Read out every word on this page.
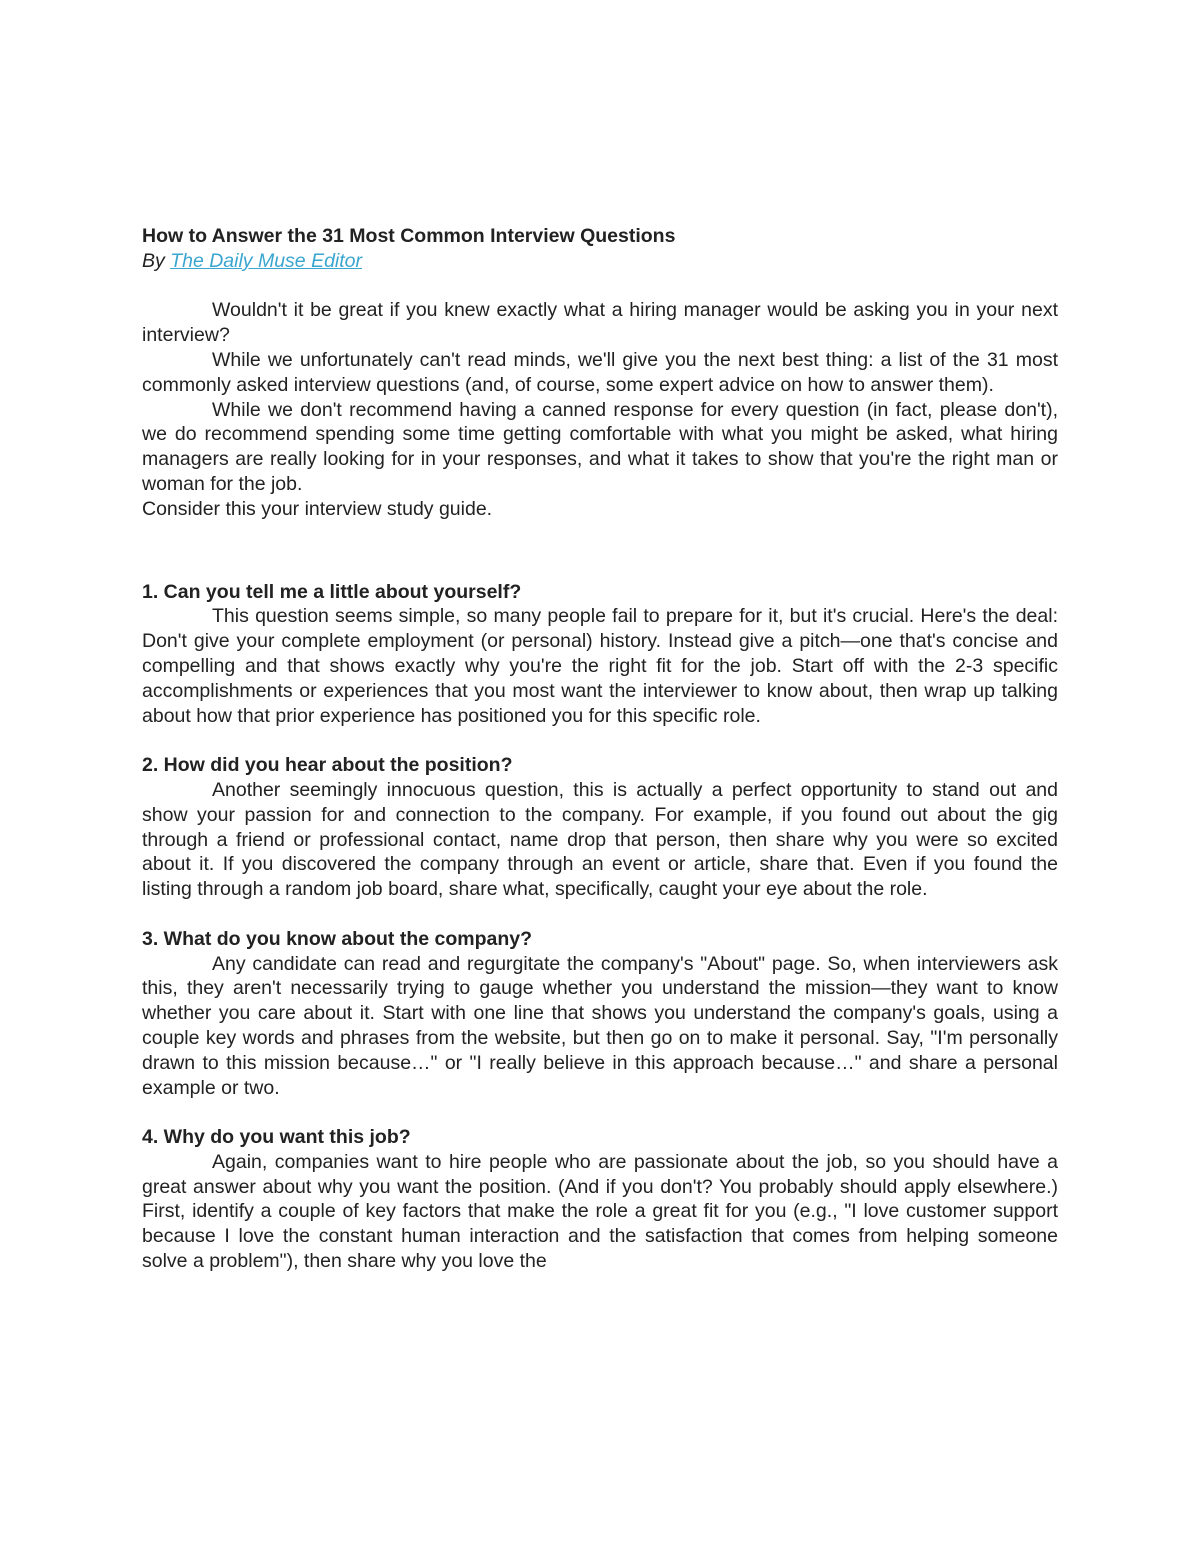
How to Answer the 31 Most Common Interview Questions

By The Daily Muse Editor

Wouldn't it be great if you knew exactly what a hiring manager would be asking you in your next interview?

While we unfortunately can't read minds, we'll give you the next best thing: a list of the 31 most commonly asked interview questions (and, of course, some expert advice on how to answer them).

While we don't recommend having a canned response for every question (in fact, please don't), we do recommend spending some time getting comfortable with what you might be asked, what hiring managers are really looking for in your responses, and what it takes to show that you're the right man or woman for the job.

Consider this your interview study guide.

1. Can you tell me a little about yourself?

This question seems simple, so many people fail to prepare for it, but it's crucial. Here's the deal: Don't give your complete employment (or personal) history. Instead give a pitch—one that's concise and compelling and that shows exactly why you're the right fit for the job. Start off with the 2-3 specific accomplishments or experiences that you most want the interviewer to know about, then wrap up talking about how that prior experience has positioned you for this specific role.

2. How did you hear about the position?

Another seemingly innocuous question, this is actually a perfect opportunity to stand out and show your passion for and connection to the company. For example, if you found out about the gig through a friend or professional contact, name drop that person, then share why you were so excited about it. If you discovered the company through an event or article, share that. Even if you found the listing through a random job board, share what, specifically, caught your eye about the role.

3. What do you know about the company?

Any candidate can read and regurgitate the company's "About" page. So, when interviewers ask this, they aren't necessarily trying to gauge whether you understand the mission—they want to know whether you care about it. Start with one line that shows you understand the company's goals, using a couple key words and phrases from the website, but then go on to make it personal. Say, "I'm personally drawn to this mission because…" or "I really believe in this approach because…" and share a personal example or two.

4. Why do you want this job?

Again, companies want to hire people who are passionate about the job, so you should have a great answer about why you want the position. (And if you don't? You probably should apply elsewhere.) First, identify a couple of key factors that make the role a great fit for you (e.g., "I love customer support because I love the constant human interaction and the satisfaction that comes from helping someone solve a problem"), then share why you love the
